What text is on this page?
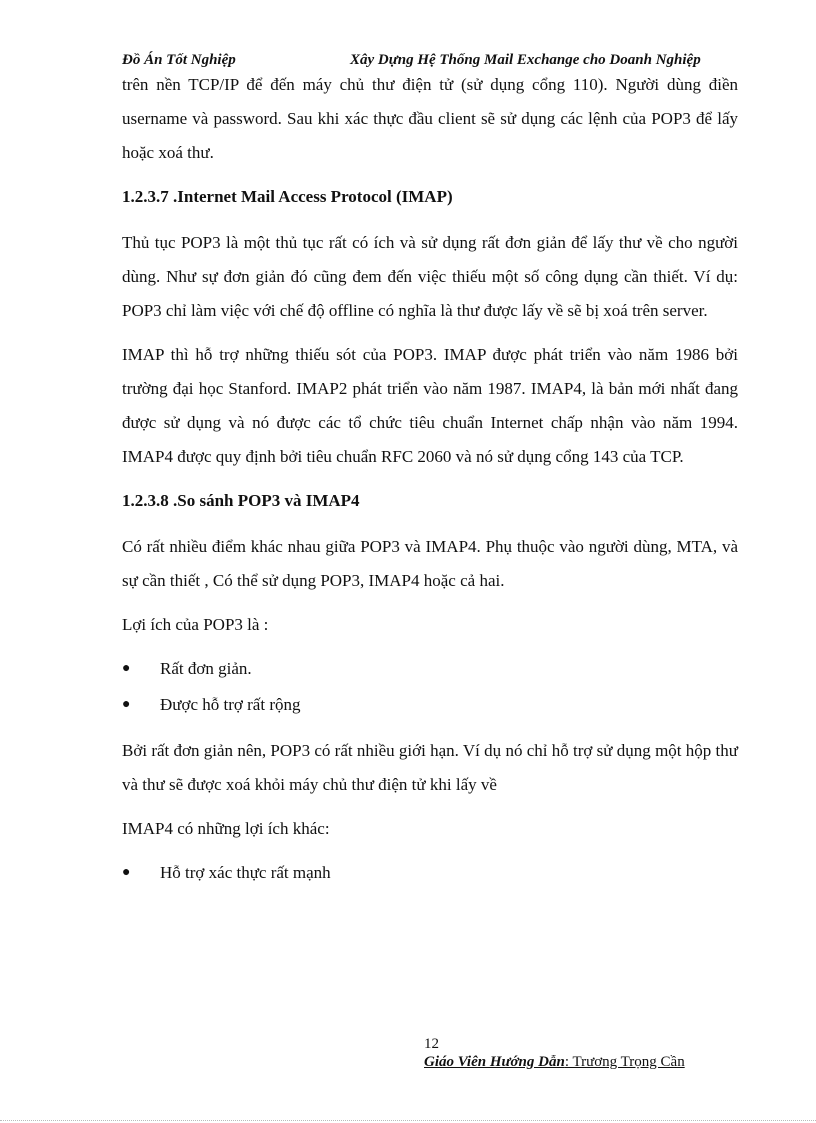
Đồ Án Tốt Nghiệp	Xây Dựng Hệ Thống Mail Exchange cho Doanh Nghiệp

trên nền TCP/IP để đến máy chủ thư điện tử (sử dụng cổng 110). Người dùng điền username và password. Sau khi xác thực đầu client sẽ sử dụng các lệnh của POP3 để lấy hoặc xoá thư.

1.2.3.7 .Internet Mail Access Protocol (IMAP)

Thủ tục POP3 là một thủ tục rất có ích và sử dụng rất đơn giản để lấy thư về cho người dùng. Như sự đơn giản đó cũng đem đến việc thiếu một số công dụng cần thiết. Ví dụ: POP3 chỉ làm việc với chế độ offline có nghĩa là thư được lấy về sẽ bị xoá trên server.

IMAP thì hỗ trợ những thiếu sót của POP3. IMAP được phát triển vào năm 1986 bởi trường đại học Stanford. IMAP2 phát triển vào năm 1987. IMAP4, là bản mới nhất đang được sử dụng và nó được các tổ chức tiêu chuẩn Internet chấp nhận vào năm 1994. IMAP4 được quy định bởi tiêu chuẩn RFC 2060 và nó sử dụng cổng 143 của TCP.

1.2.3.8 .So sánh POP3 và IMAP4

Có rất nhiều điểm khác nhau giữa POP3 và IMAP4. Phụ thuộc vào người dùng, MTA, và sự cần thiết , Có thể sử dụng POP3, IMAP4 hoặc cả hai.

Lợi ích của POP3 là :

● Rất đơn giản.
● Được hỗ trợ rất rộng

Bởi rất đơn giản nên, POP3 có rất nhiều giới hạn. Ví dụ nó chỉ hỗ trợ sử dụng một hộp thư và thư sẽ được xoá khỏi máy chủ thư điện tử khi lấy về

IMAP4 có những lợi ích khác:

● Hỗ trợ xác thực rất mạnh
12
Giáo Viên Hướng Dẫn: Trương Trọng Cần
